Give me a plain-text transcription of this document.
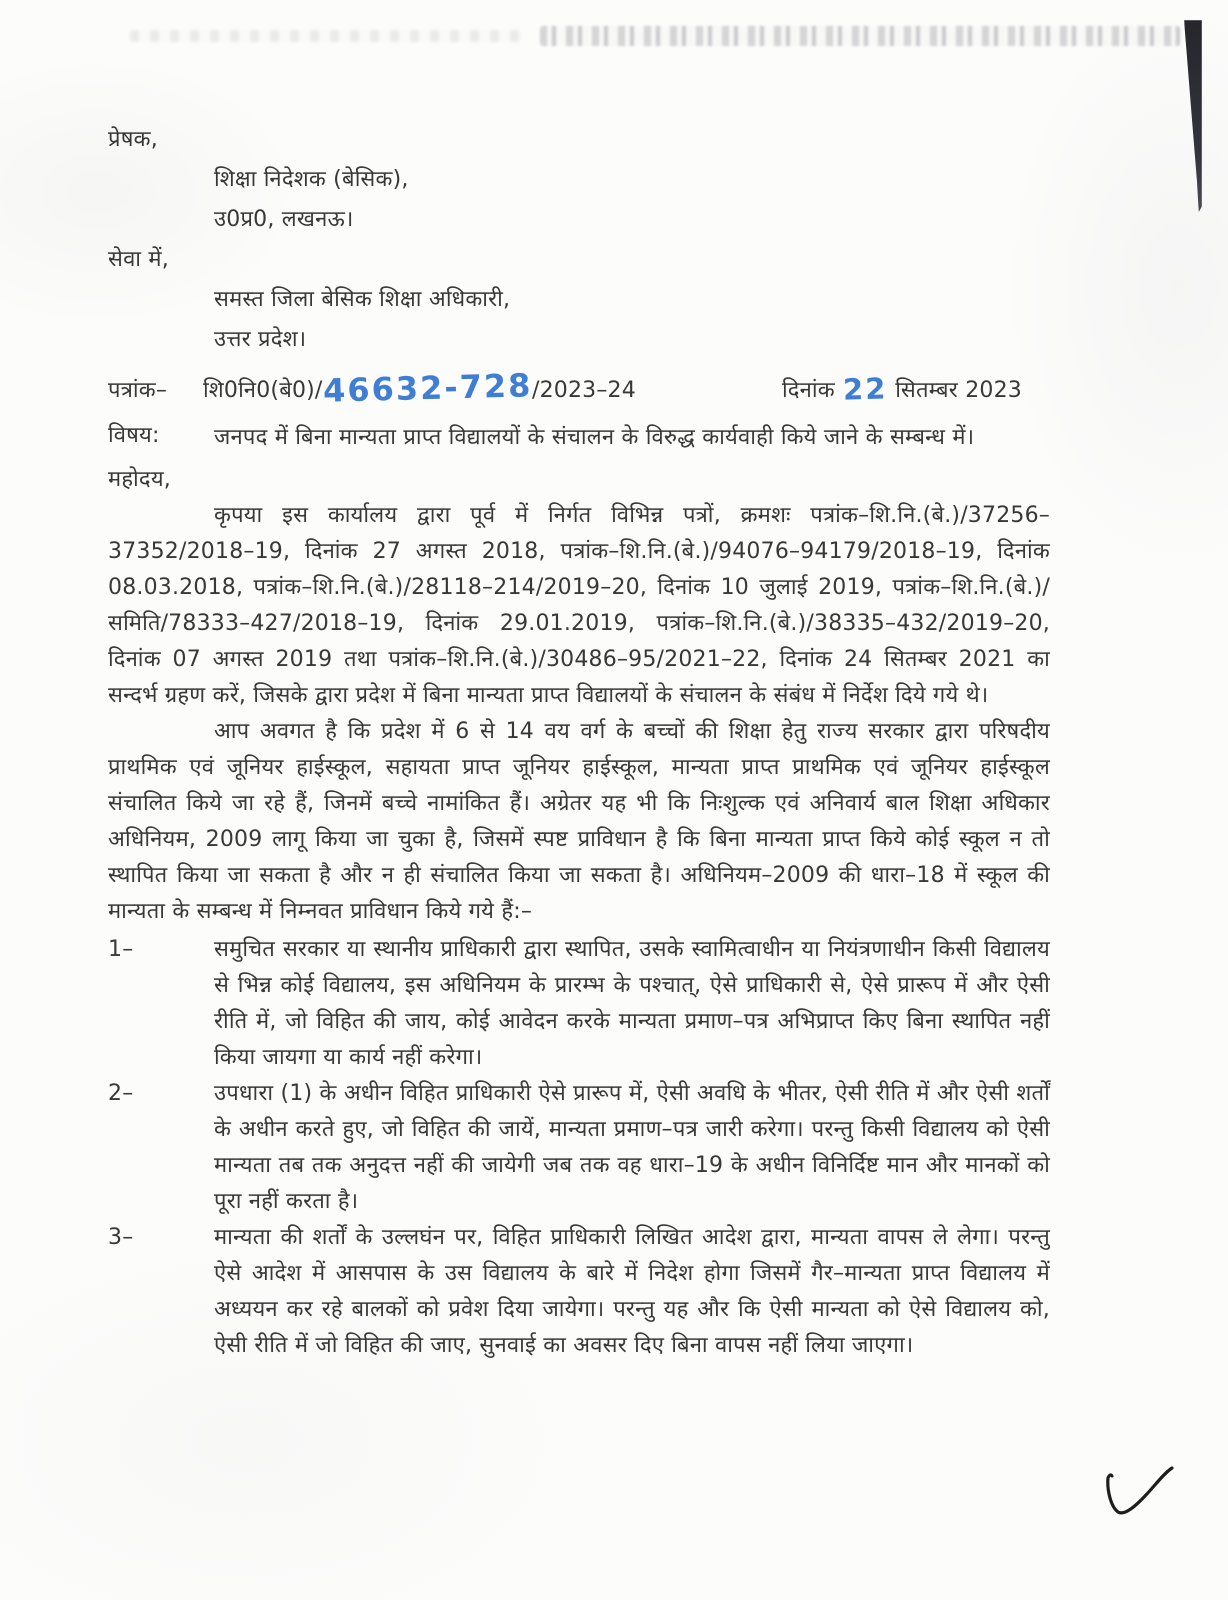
प्रेषक,
शिक्षा निदेशक (बेसिक),
उ0प्र0, लखनऊ।
सेवा में,
समस्त जिला बेसिक शिक्षा अधिकारी,
उत्तर प्रदेश।
पत्रांक– शि0नि0(बे0)/ 46632-728 /2023–24	दिनांक 22 सितम्बर 2023
विषय:	जनपद में बिना मान्यता प्राप्त विद्यालयों के संचालन के विरुद्ध कार्यवाही किये जाने के सम्बन्ध में।
महोदय,

कृपया इस कार्यालय द्वारा पूर्व में निर्गत विभिन्न पत्रों, क्रमशः पत्रांक–शि.नि.(बे.)/37256–37352/2018–19, दिनांक 27 अगस्त 2018, पत्रांक–शि.नि.(बे.)/94076–94179/2018–19, दिनांक 08.03.2018, पत्रांक–शि.नि.(बे.)/28118–214/2019–20, दिनांक 10 जुलाई 2019, पत्रांक–शि.नि.(बे.)/समिति/78333–427/2018–19, दिनांक 29.01.2019, पत्रांक–शि.नि.(बे.)/38335–432/2019–20, दिनांक 07 अगस्त 2019 तथा पत्रांक–शि.नि.(बे.)/30486–95/2021–22, दिनांक 24 सितम्बर 2021 का सन्दर्भ ग्रहण करें, जिसके द्वारा प्रदेश में बिना मान्यता प्राप्त विद्यालयों के संचालन के संबंध में निर्देश दिये गये थे।

आप अवगत है कि प्रदेश में 6 से 14 वय वर्ग के बच्चों की शिक्षा हेतु राज्य सरकार द्वारा परिषदीय प्राथमिक एवं जूनियर हाईस्कूल, सहायता प्राप्त जूनियर हाईस्कूल, मान्यता प्राप्त प्राथमिक एवं जूनियर हाईस्कूल संचालित किये जा रहे हैं, जिनमें बच्चे नामांकित हैं। अग्रेतर यह भी कि निःशुल्क एवं अनिवार्य बाल शिक्षा अधिकार अधिनियम, 2009 लागू किया जा चुका है, जिसमें स्पष्ट प्राविधान है कि बिना मान्यता प्राप्त किये कोई स्कूल न तो स्थापित किया जा सकता है और न ही संचालित किया जा सकता है। अधिनियम–2009 की धारा–18 में स्कूल की मान्यता के सम्बन्ध में निम्नवत प्राविधान किये गये हैं:–

1–	समुचित सरकार या स्थानीय प्राधिकारी द्वारा स्थापित, उसके स्वामित्वाधीन या नियंत्रणाधीन किसी विद्यालय से भिन्न कोई विद्यालय, इस अधिनियम के प्रारम्भ के पश्चात्, ऐसे प्राधिकारी से, ऐसे प्रारूप में और ऐसी रीति में, जो विहित की जाय, कोई आवेदन करके मान्यता प्रमाण–पत्र अभिप्राप्त किए बिना स्थापित नहीं किया जायगा या कार्य नहीं करेगा।
2–	उपधारा (1) के अधीन विहित प्राधिकारी ऐसे प्रारूप में, ऐसी अवधि के भीतर, ऐसी रीति में और ऐसी शर्तों के अधीन करते हुए, जो विहित की जायें, मान्यता प्रमाण–पत्र जारी करेगा। परन्तु किसी विद्यालय को ऐसी मान्यता तब तक अनुदत्त नहीं की जायेगी जब तक वह धारा–19 के अधीन विनिर्दिष्ट मान और मानकों को पूरा नहीं करता है।
3–	मान्यता की शर्तों के उल्लघंन पर, विहित प्राधिकारी लिखित आदेश द्वारा, मान्यता वापस ले लेगा। परन्तु ऐसे आदेश में आसपास के उस विद्यालय के बारे में निदेश होगा जिसमें गैर–मान्यता प्राप्त विद्यालय में अध्ययन कर रहे बालकों को प्रवेश दिया जायेगा। परन्तु यह और कि ऐसी मान्यता को ऐसे विद्यालय को, ऐसी रीति में जो विहित की जाए, सुनवाई का अवसर दिए बिना वापस नहीं लिया जाएगा।
